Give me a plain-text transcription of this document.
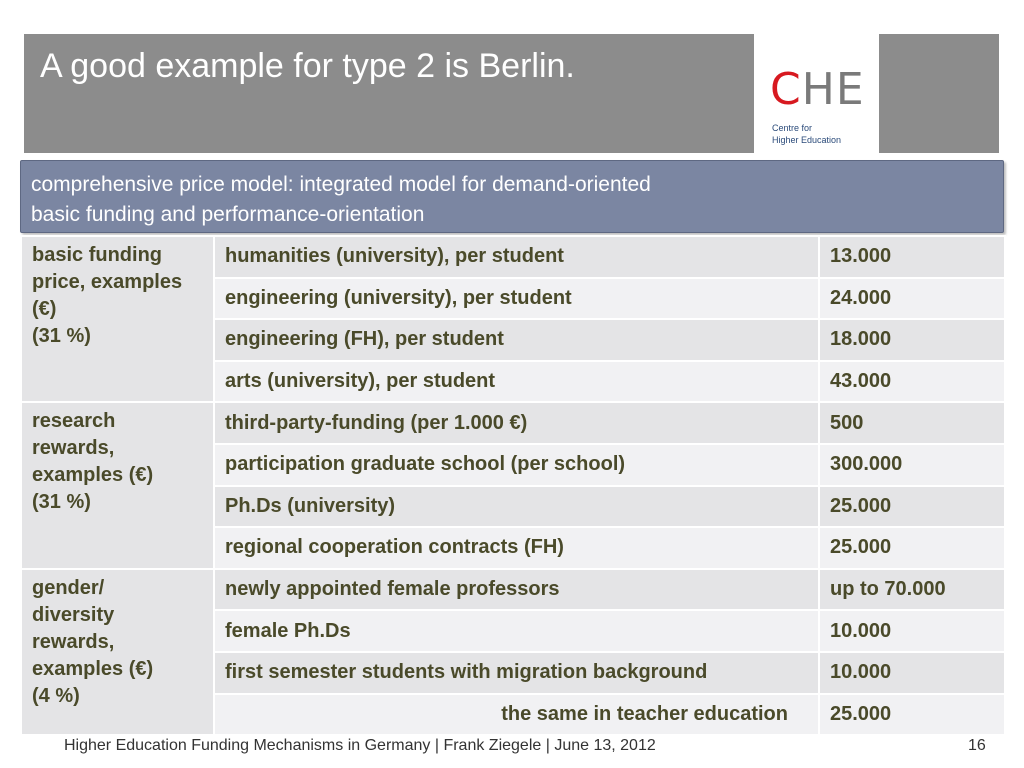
A good example for type 2 is Berlin.	CHE
Centre for
Higher Education
comprehensive price model: integrated model for demand-oriented
basic funding and performance-orientation
basic funding
price, examples
(€)
(31 %)	humanities (university), per student	13.000
	engineering (university), per student	24.000
	engineering (FH), per student	18.000
	arts (university), per student	43.000

research
rewards,
examples (€)
(31 %)	third-party-funding (per 1.000 €)	500
	participation graduate school (per school)	300.000
	Ph.Ds (university)	25.000
	regional cooperation contracts (FH)	25.000

gender/
diversity
rewards,
examples (€)
(4 %)	newly appointed female professors	up to 70.000
	female Ph.Ds	10.000
	first semester students with migration background	10.000
	the same in teacher education	25.000
Higher Education Funding Mechanisms in Germany | Frank Ziegele | June 13, 2012	16
